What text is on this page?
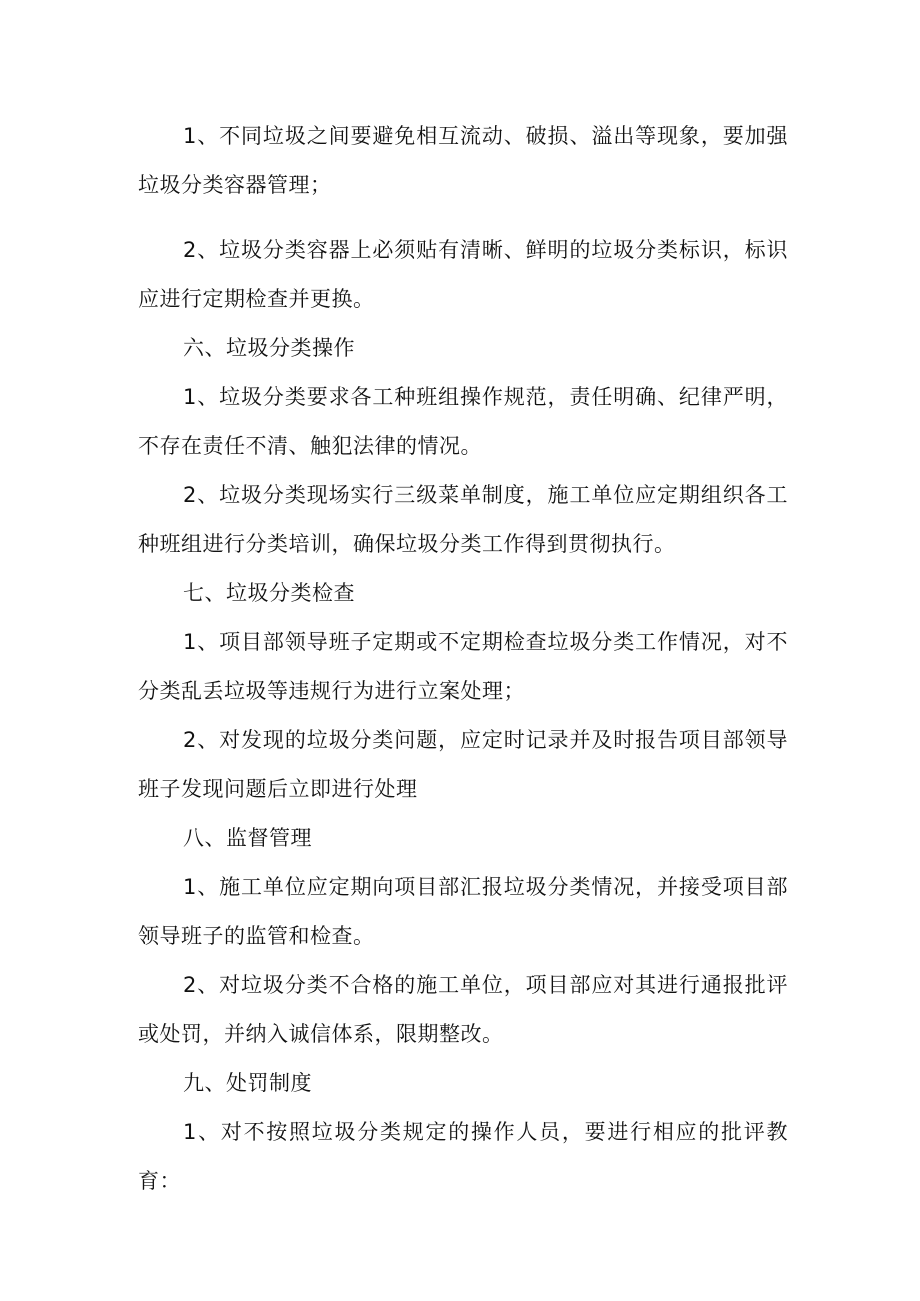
1、不同垃圾之间要避免相互流动、破损、溢出等现象，要加强垃圾分类容器管理；

2、垃圾分类容器上必须贴有清晰、鲜明的垃圾分类标识，标识应进行定期检查并更换。

六、垃圾分类操作

1、垃圾分类要求各工种班组操作规范，责任明确、纪律严明，不存在责任不清、触犯法律的情况。

2、垃圾分类现场实行三级菜单制度，施工单位应定期组织各工种班组进行分类培训，确保垃圾分类工作得到贯彻执行。

七、垃圾分类检查

1、项目部领导班子定期或不定期检查垃圾分类工作情况，对不分类乱丢垃圾等违规行为进行立案处理；

2、对发现的垃圾分类问题，应定时记录并及时报告项目部领导班子发现问题后立即进行处理

八、监督管理

1、施工单位应定期向项目部汇报垃圾分类情况，并接受项目部领导班子的监管和检查。

2、对垃圾分类不合格的施工单位，项目部应对其进行通报批评或处罚，并纳入诚信体系，限期整改。

九、处罚制度

1、对不按照垃圾分类规定的操作人员，要进行相应的批评教育：
